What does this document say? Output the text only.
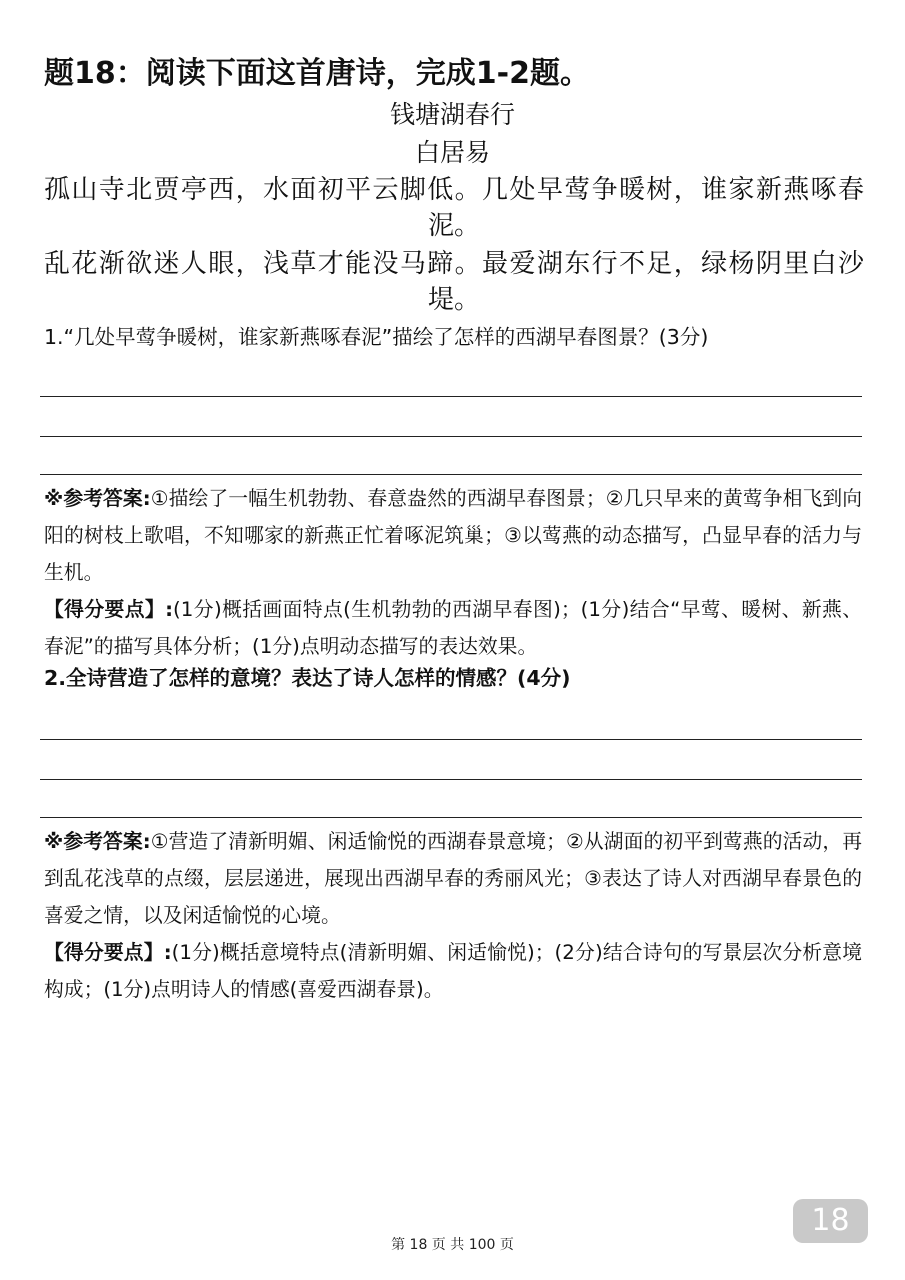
题18：阅读下面这首唐诗，完成1-2题。
钱塘湖春行
白居易
孤山寺北贾亭西，水面初平云脚低。几处早莺争暖树，谁家新燕啄春泥。
乱花渐欲迷人眼，浅草才能没马蹄。最爱湖东行不足，绿杨阴里白沙堤。
1.“几处早莺争暖树，谁家新燕啄春泥”描绘了怎样的西湖早春图景？(3分)

※参考答案:①描绘了一幅生机勃勃、春意盎然的西湖早春图景；②几只早来的黄莺争相飞到向阳的树枝上歌唱，不知哪家的新燕正忙着啄泥筑巢；③以莺燕的动态描写，凸显早春的活力与生机。

【得分要点】:(1分)概括画面特点(生机勃勃的西湖早春图)；(1分)结合“早莺、暖树、新燕、春泥”的描写具体分析；(1分)点明动态描写的表达效果。

2.全诗营造了怎样的意境？表达了诗人怎样的情感？(4分)

※参考答案:①营造了清新明媚、闲适愉悦的西湖春景意境；②从湖面的初平到莺燕的活动，再到乱花浅草的点缀，层层递进，展现出西湖早春的秀丽风光；③表达了诗人对西湖早春景色的喜爱之情，以及闲适愉悦的心境。

【得分要点】:(1分)概括意境特点(清新明媚、闲适愉悦)；(2分)结合诗句的写景层次分析意境构成；(1分)点明诗人的情感(喜爱西湖春景)。

18
第 18 页 共 100 页
